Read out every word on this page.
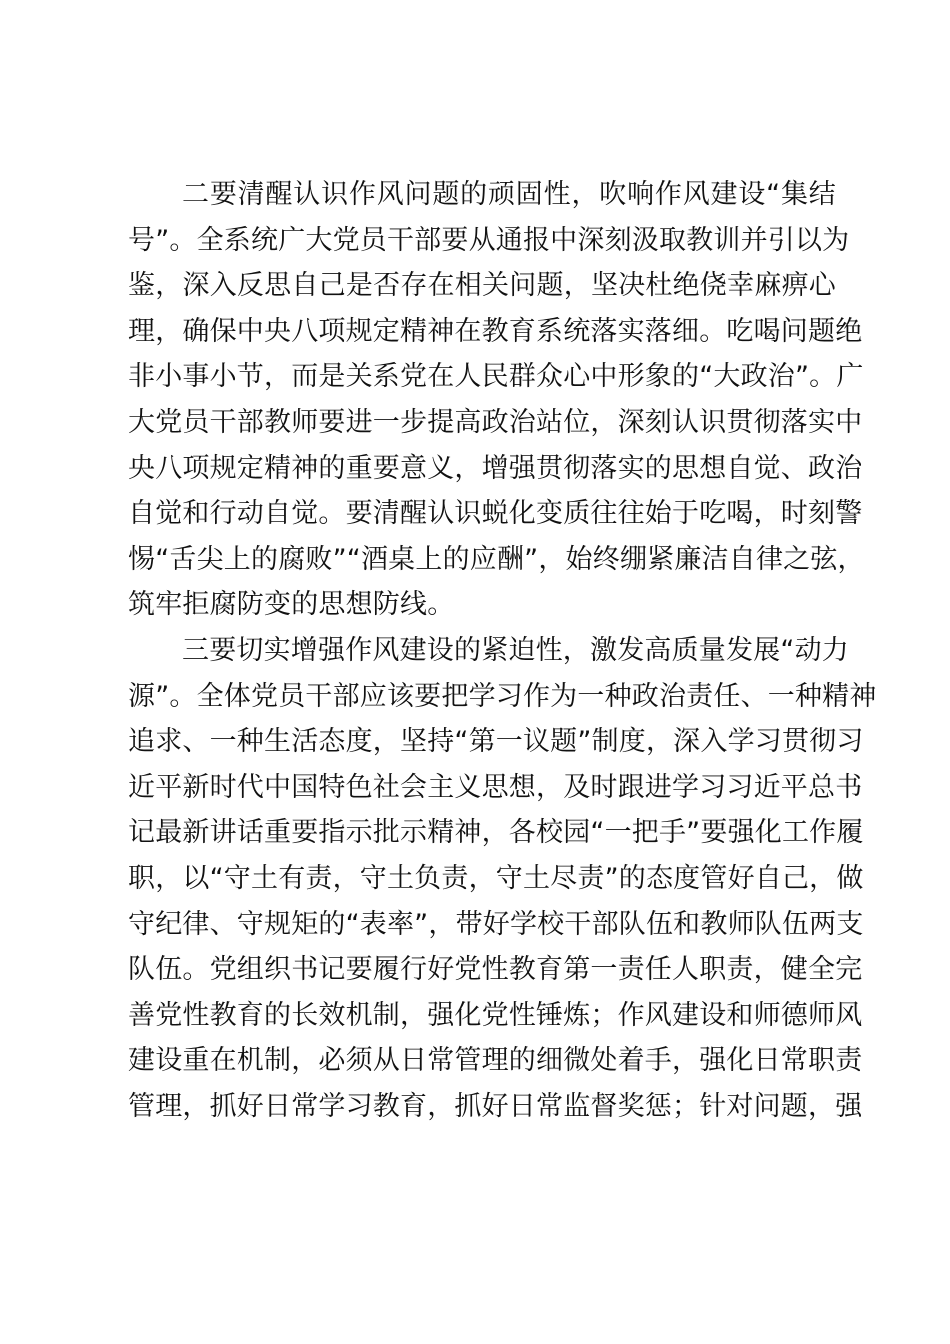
二要清醒认识作风问题的顽固性，吹响作风建设“集结
号”。全系统广大党员干部要从通报中深刻汲取教训并引以为
鉴，深入反思自己是否存在相关问题，坚决杜绝侥幸麻痹心
理，确保中央八项规定精神在教育系统落实落细。吃喝问题绝
非小事小节，而是关系党在人民群众心中形象的“大政治”。广
大党员干部教师要进一步提高政治站位，深刻认识贯彻落实中
央八项规定精神的重要意义，增强贯彻落实的思想自觉、政治
自觉和行动自觉。要清醒认识蜕化变质往往始于吃喝，时刻警
惕“舌尖上的腐败”“酒桌上的应酬”，始终绷紧廉洁自律之弦，
筑牢拒腐防变的思想防线。
三要切实增强作风建设的紧迫性，激发高质量发展“动力
源”。全体党员干部应该要把学习作为一种政治责任、一种精神
追求、一种生活态度，坚持“第一议题”制度，深入学习贯彻习
近平新时代中国特色社会主义思想，及时跟进学习习近平总书
记最新讲话重要指示批示精神，各校园“一把手”要强化工作履
职，以“守土有责，守土负责，守土尽责”的态度管好自己，做
守纪律、守规矩的“表率”，带好学校干部队伍和教师队伍两支
队伍。党组织书记要履行好党性教育第一责任人职责，健全完
善党性教育的长效机制，强化党性锤炼；作风建设和师德师风
建设重在机制，必须从日常管理的细微处着手，强化日常职责
管理，抓好日常学习教育，抓好日常监督奖惩；针对问题，强
